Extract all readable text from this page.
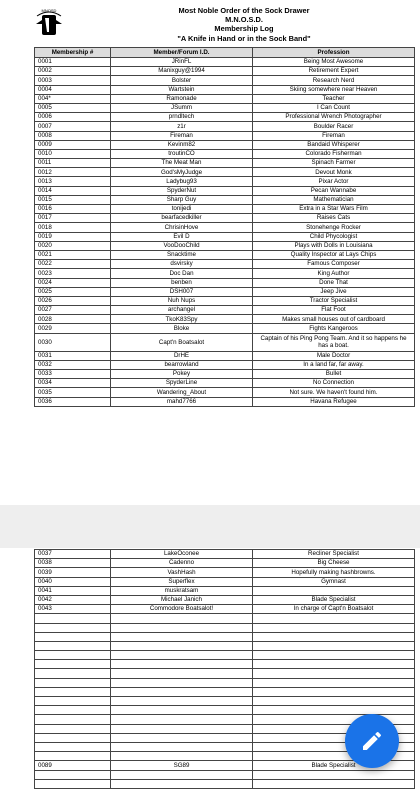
MNOSD	Most Noble Order of the Sock Drawer
M.N.O.S.D.
Membership Log
"A Knife in Hand or in the Sock Band"
Membership #	Member/Forum I.D.	Profession
0001	JRinFL	Being Most Awesome
0002	Manixguy@1994	Retirement Expert
0003	Bolster	Research Nerd
0004	Wartstein	Skiing somewhere near Heaven
004*	Ramonade	Teacher
0005	JSumm	I Can Count
0006	prndltech	Professional Wrench Photographer
0007	z1r	Boulder Racer
0008	Fireman	Fireman
0009	Kevinm82	Bandaid Whisperer
0010	troutinCO	Colorado Fisherman
0011	The Meat Man	Spinach Farmer
0012	God'sMyJudge	Devout Monk
0013	Ladybug93	Pixar Actor
0014	SpyderNut	Pecan Wannabe
0015	Sharp Guy	Mathematician
0016	tonijedi	Extra in a Star Wars Film
0017	bearfacedkiller	Raises Cats
0018	ChrisinHove	Stonehenge Rocker
0019	Evil D	Child Phycologist
0020	VooDooChild	Plays with Dolls in Louisiana
0021	Snacktime	Quality Inspector at Lays Chips
0022	dsvirsky	Famous Composer
0023	Doc Dan	King Author
0024	benben	Done That
0025	DSH007	Jeep Jive
0026	Nuh Nups	Tractor Specialist
0027	archangel	Flat Foot
0028	TkoK83Spy	Makes small houses out of cardboard
0029	Bloke	Fights Kangeroos
0030	Capt'n Boatsalot	Captain of his Ping Pong Team. And it so happens he has a boat.
0031	DrHE	Male Doctor
0032	bearrowland	In a land far, far away.
0033	Pokey	Bullet
0034	SpyderLine	No Connection
0035	Wandering_About	Not sure. We haven't found him.
0036	mahd7766	Havana Refugee
0037	LakeOconee	Recliner Specialist
0038	Cadenno	Big Cheese
0039	VashHash	Hopefully making hashbrowns.
0040	Superflex	Gymnast
0041	muskratsam	
0042	Michael Janich	Blade Specialist
0043	Commodore Boatsalot!	In charge of Capt'n Boatsalot

0089	SG89	Blade Specialist
